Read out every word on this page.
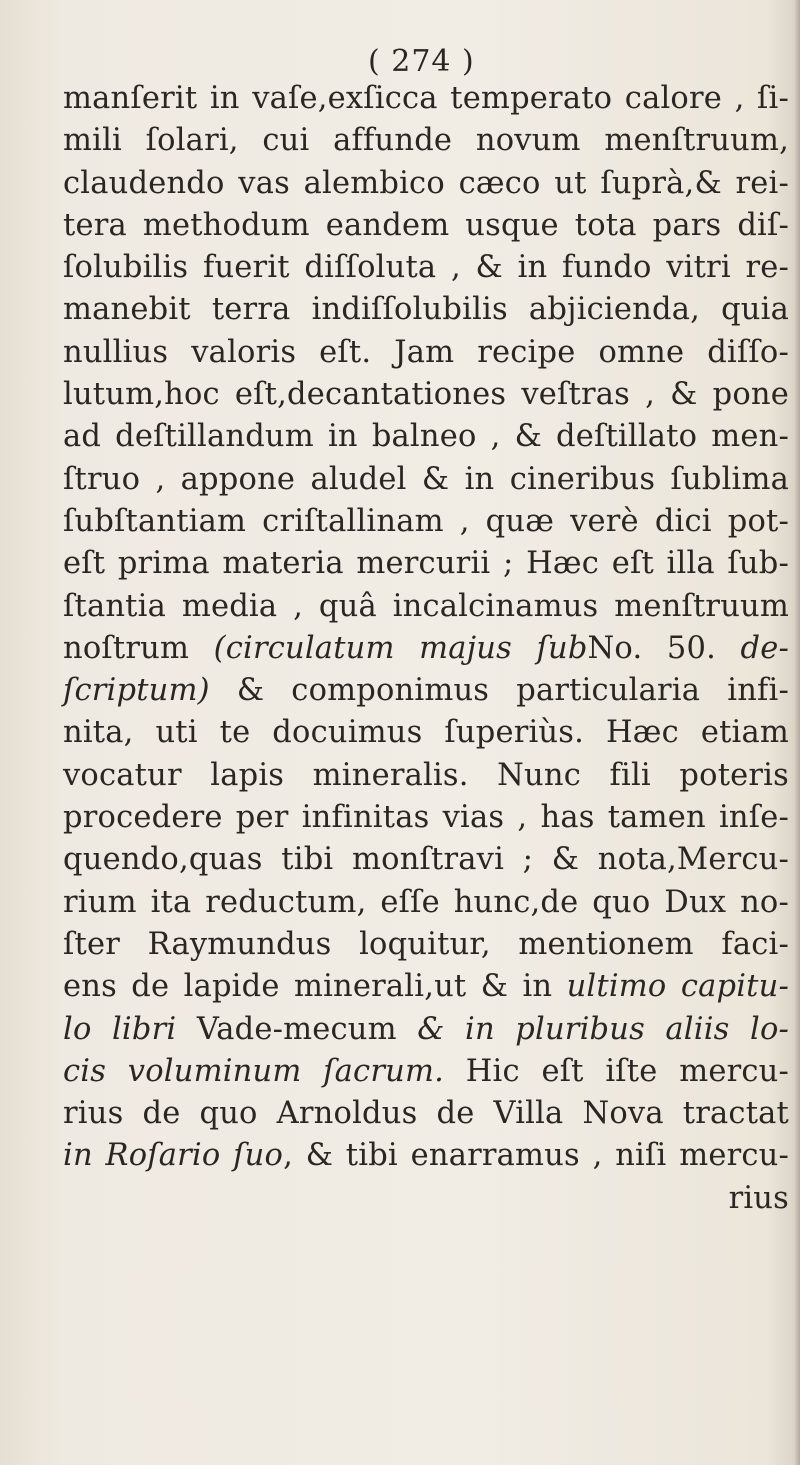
( 274 )
manſerit in vaſe,exſicca temperato calore , ſi-
mili ſolari, cui affunde novum menſtruum,
claudendo vas alembico cæco ut ſuprà,& rei-
tera methodum eandem usque tota pars diſ-
ſolubilis fuerit diſſoluta , & in fundo vitri re-
manebit terra indiſſolubilis abjicienda, quia
nullius valoris eſt. Jam recipe omne diſſo-
lutum,hoc eſt,decantationes veſtras , & pone
ad deſtillandum in balneo , & deſtillato men-
ſtruo , appone aludel & in cineribus ſublima
ſubſtantiam criſtallinam , quæ verè dici pot-
eſt prima materia mercurii ; Hæc eſt illa ſub-
ſtantia media , quâ incalcinamus menſtruum
noſtrum (circulatum majus ſubNo. 50. de-
ſcriptum) & componimus particularia infi-
nita, uti te docuimus ſuperiùs. Hæc etiam
vocatur lapis mineralis. Nunc fili poteris
procedere per infinitas vias , has tamen inſe-
quendo,quas tibi monſtravi ; & nota,Mercu-
rium ita reductum, eſſe hunc,de quo Dux no-
ſter Raymundus loquitur, mentionem faci-
ens de lapide minerali,ut & in ultimo capitu-
lo libri Vade-mecum & in pluribus aliis lo-
cis voluminum ſacrum. Hic eſt iſte mercu-
rius de quo Arnoldus de Villa Nova tractat
in Roſario ſuo, & tibi enarramus , niſi mercu-
rius
